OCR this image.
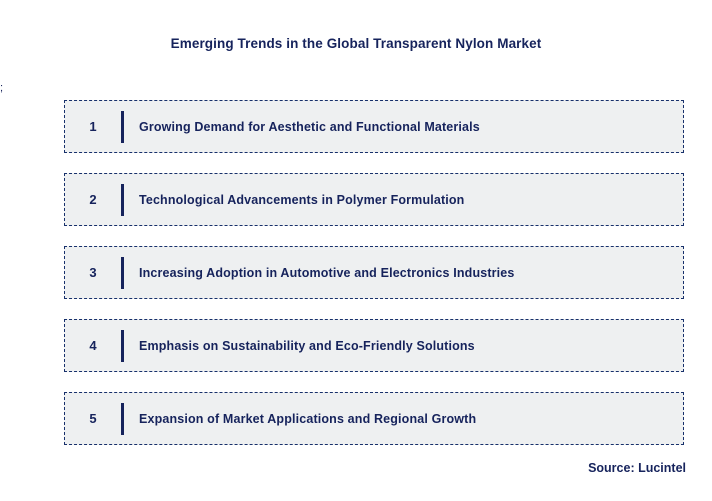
Emerging Trends in the Global Transparent Nylon Market
;
1	Growing Demand for Aesthetic and Functional Materials
2	Technological Advancements in Polymer Formulation
3	Increasing Adoption in Automotive and Electronics Industries
4	Emphasis on Sustainability and Eco-Friendly Solutions
5	Expansion of Market Applications and Regional Growth
Source: Lucintel
